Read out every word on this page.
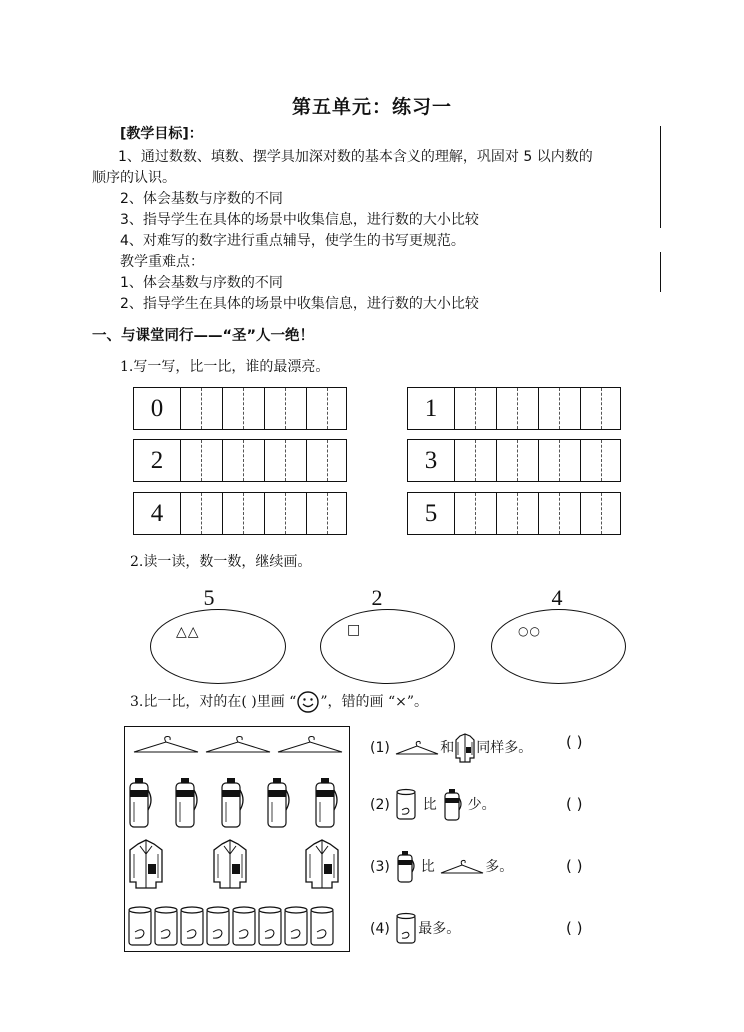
第五单元：练习一
[教学目标]：
1、通过数数、填数、摆学具加深对数的基本含义的理解，巩固对 5 以内数的
顺序的认识。
2、体会基数与序数的不同
3、指导学生在具体的场景中收集信息，进行数的大小比较
4、对难写的数字进行重点辅导，使学生的书写更规范。
教学重难点：
1、体会基数与序数的不同
2、指导学生在具体的场景中收集信息，进行数的大小比较
一、与课堂同行——“圣”人一绝！
1.写一写，比一比，谁的最漂亮。
0	1
2	3
4	5
2.读一读，数一数，继续画。
5	2	4
△△	□	○○
3.比一比，对的在( )里画 “ ”，错的画 “×”。
(1)	和 同样多。 ( )
(2) 比 少。	( )
(3) 比	多。	( )
(4) 最多。	( )
